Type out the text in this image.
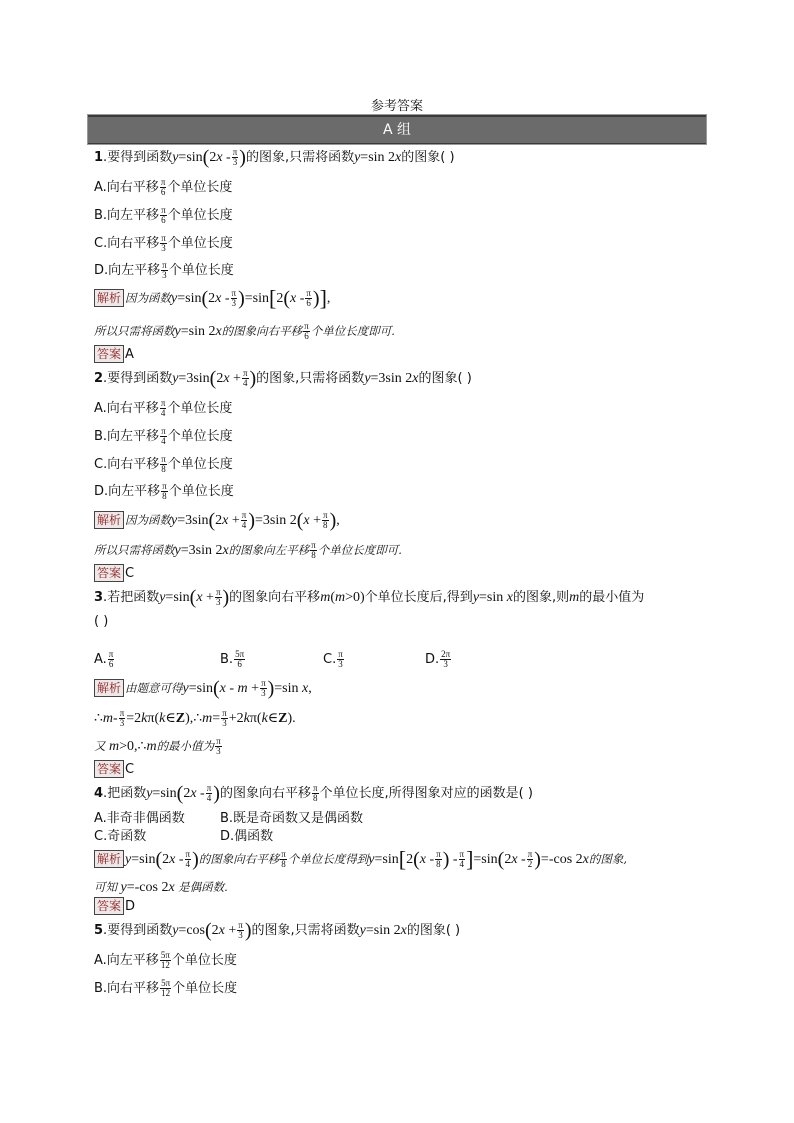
参考答案
A 组
1.要得到函数$y=\sin(2x - \frac{\pi}{3}$ )的图象,只需将函数y=sin 2x的图象( )
A.向右平移 $\frac{\pi}{6}$ 个单位长度
B.向左平移 $\frac{\pi}{6}$ 个单位长度
C.向右平移 $\frac{\pi}{3}$ 个单位长度
D.向左平移 $\frac{\pi}{3}$ 个单位长度
解析 因为函数$y=\sin(2x - \frac{\pi}{3} )=\sin[2(x - \frac{\pi}{6}$ )],
所以只需将函数y=sin 2x的图象向右平移 $\frac{\pi}{6}$ 个单位长度即可.
答案 A
2.要得到函数$y=3\sin(2x + \frac{\pi}{4}$ )的图象,只需将函数y=3sin 2x的图象( )
A.向右平移 $\frac{\pi}{4}$ 个单位长度
B.向左平移 $\frac{\pi}{4}$ 个单位长度
C.向右平移 $\frac{\pi}{8}$ 个单位长度
D.向左平移 $\frac{\pi}{8}$ 个单位长度
解析 因为函数$y=3\sin(2x + \frac{\pi}{4} )=3\sin$ $2(x + \frac{\pi}{8}$ ),
所以只需将函数y=3sin 2x的图象向左平移 $\frac{\pi}{8}$ 个单位长度即可.
答案 C
3.若把函数$y=\sin(x + \frac{\pi}{3}$ )的图象向右平移m(m>0)个单位长度后,得到y=sin x的图象,则m的最小值为
( )
A. $\frac{\pi}{6}$	B. $\frac{5\pi}{6}$	C. $\frac{\pi}{3}$	D. $\frac{2\pi}{3}$
解析 由题意可得$y=\sin(x - m + \frac{\pi}{3} )=\sin$ x,
∴m- $\frac{\pi}{3}$ =2kπ(k∈Z),∴m= $\frac{\pi}{3}$ +2kπ(k∈Z).
又 m>0,∴m的最小值为 $\frac{\pi}{3}$
答案 C
4.把函数$y=\sin(2x - \frac{\pi}{4}$ )的图象向右平移 $\frac{\pi}{8}$ 个单位长度,所得图象对应的函数是( )
A.非奇非偶函数	B.既是奇函数又是偶函数
C.奇函数	D.偶函数
解析 $y=\sin(2x - \frac{\pi}{4}$ )的图象向右平移 $\frac{\pi}{8}$ 个单位长度得到$y=\sin[2(x - \frac{\pi}{8}$ ) - $\frac{\pi}{4} ]=\sin(2x - \frac{\pi}{2} )=-\cos$ 2x的图象,
可知 y=-cos 2x 是偶函数.
答案 D
5.要得到函数$y=\cos(2x + \frac{\pi}{3}$ )的图象,只需将函数y=sin 2x的图象( )
A.向左平移 $\frac{5\pi}{12}$ 个单位长度
B.向右平移 $\frac{5\pi}{12}$ 个单位长度
